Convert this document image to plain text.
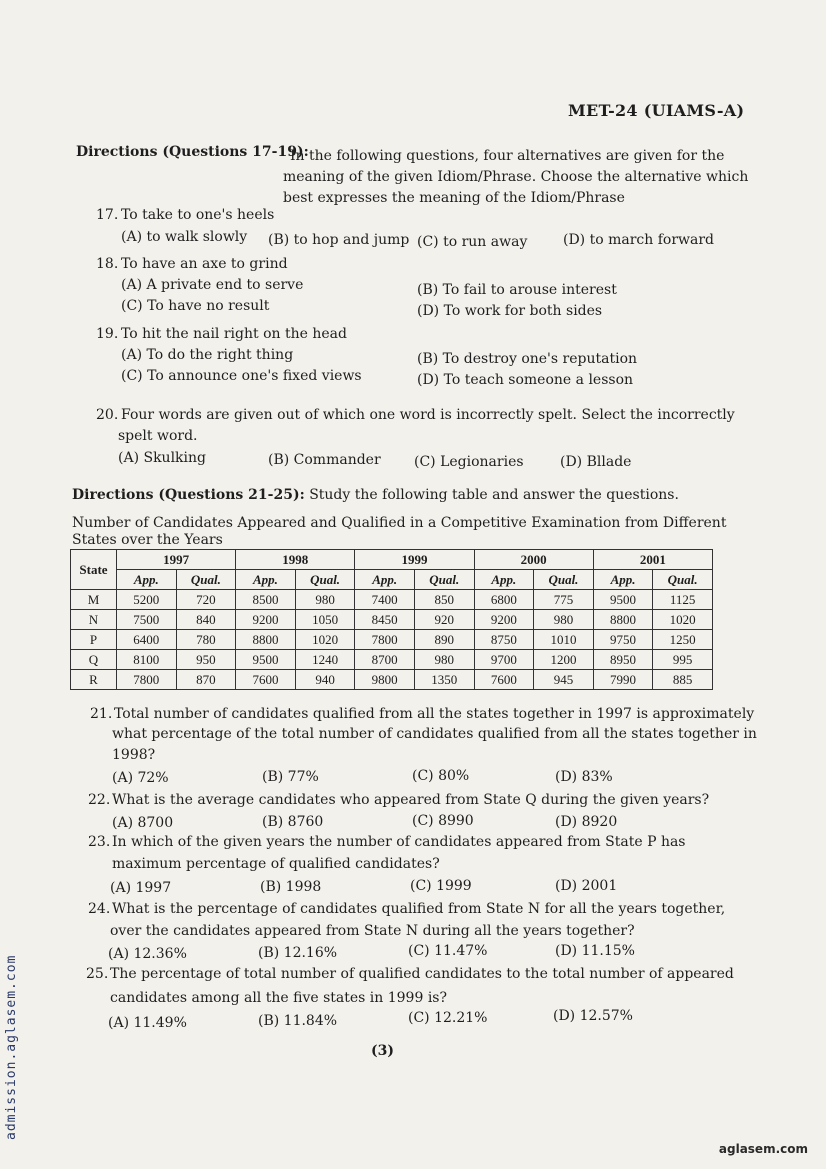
MET-24 (UIAMS-A)
Directions (Questions 17-19):
In the following questions, four alternatives are given for the
meaning of the given Idiom/Phrase. Choose the alternative which
best expresses the meaning of the Idiom/Phrase
17. To take to one's heels
(A) to walk slowly (B) to hop and jump (C) to run away	(D) to march forward
18. To have an axe to grind
(A) A private end to serve	(B) To fail to arouse interest
(C) To have no result	(D) To work for both sides
19. To hit the nail right on the head
(A) To do the right thing	(B) To destroy one's reputation
(C) To announce one's fixed views	(D) To teach someone a lesson
20. Four words are given out of which one word is incorrectly spelt. Select the incorrectly
spelt word.
(A) Skulking	(B) Commander (C) Legionaries	(D) Bllade
Directions (Questions 21-25): Study the following table and answer the questions.
Number of Candidates Appeared and Qualified in a Competitive Examination from Different
States over the Years
State	1997		1998		1999		2000		2001	
	App.	Qual.	App.	Qual.	App.	Qual.	App.	Qual.	App.	Qual.
M	5200	720	8500	980	7400	850	6800	775	9500	1125
N	7500	840	9200	1050	8450	920	9200	980	8800	1020
P	6400	780	8800	1020	7800	890	8750	1010	9750	1250
Q	8100	950	9500	1240	8700	980	9700	1200	8950	995
R	7800	870	7600	940	9800	1350	7600	945	7990	885
21. Total number of candidates qualified from all the states together in 1997 is approximately
what percentage of the total number of candidates qualified from all the states together in
1998?
(A) 72%	(B) 77%	(C) 80%	(D) 83%
22. What is the average candidates who appeared from State Q during the given years?
(A) 8700	(B) 8760	(C) 8990	(D) 8920
23. In which of the given years the number of candidates appeared from State P has
maximum percentage of qualified candidates?
(A) 1997	(B) 1998	(C) 1999	(D) 2001
24. What is the percentage of candidates qualified from State N for all the years together,
over the candidates appeared from State N during all the years together?
(A) 12.36%	(B) 12.16%	(C) 11.47%	(D) 11.15%
25. The percentage of total number of qualified candidates to the total number of appeared
candidates among all the five states in 1999 is?
(A) 11.49%	(B) 11.84%	(C) 12.21%	(D) 12.57%
(3)
admission.aglasem.com
aglasem.com
